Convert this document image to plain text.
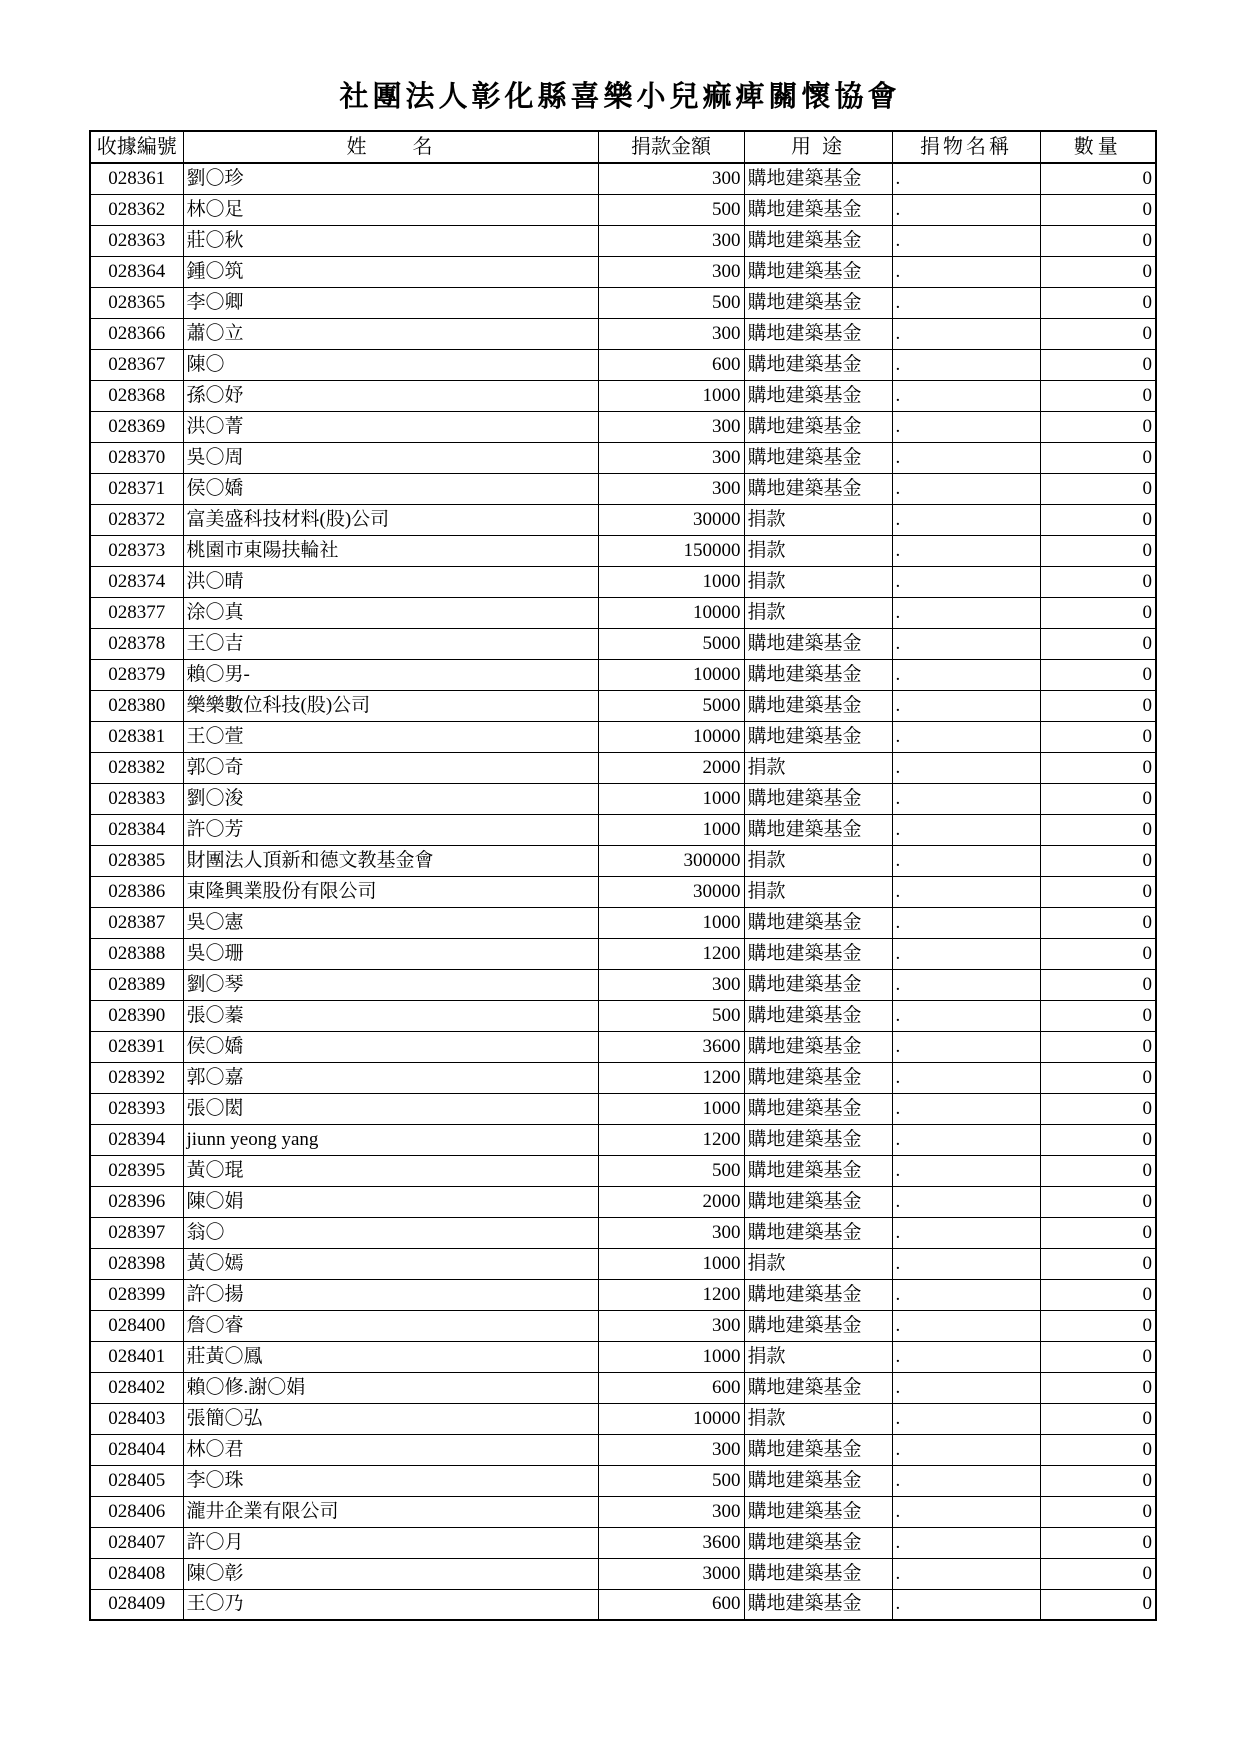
社團法人彰化縣喜樂小兒痲痺關懷協會
收據編號	姓　　名	捐款金額	用 途	捐物名稱	數量
028361	劉〇珍	300	購地建築基金	.	0
028362	林〇足	500	購地建築基金	.	0
028363	莊〇秋	300	購地建築基金	.	0
028364	鍾〇筑	300	購地建築基金	.	0
028365	李〇卿	500	購地建築基金	.	0
028366	蕭〇立	300	購地建築基金	.	0
028367	陳〇	600	購地建築基金	.	0
028368	孫〇妤	1000	購地建築基金	.	0
028369	洪〇菁	300	購地建築基金	.	0
028370	吳〇周	300	購地建築基金	.	0
028371	侯〇嬌	300	購地建築基金	.	0
028372	富美盛科技材料(股)公司	30000	捐款	.	0
028373	桃園市東陽扶輪社	150000	捐款	.	0
028374	洪〇晴	1000	捐款	.	0
028377	涂〇真	10000	捐款	.	0
028378	王〇吉	5000	購地建築基金	.	0
028379	賴〇男-	10000	購地建築基金	.	0
028380	樂樂數位科技(股)公司	5000	購地建築基金	.	0
028381	王〇萱	10000	購地建築基金	.	0
028382	郭〇奇	2000	捐款	.	0
028383	劉〇浚	1000	購地建築基金	.	0
028384	許〇芳	1000	購地建築基金	.	0
028385	財團法人頂新和德文教基金會	300000	捐款	.	0
028386	東隆興業股份有限公司	30000	捐款	.	0
028387	吳〇憲	1000	購地建築基金	.	0
028388	吳〇珊	1200	購地建築基金	.	0
028389	劉〇琴	300	購地建築基金	.	0
028390	張〇蓁	500	購地建築基金	.	0
028391	侯〇嬌	3600	購地建築基金	.	0
028392	郭〇嘉	1200	購地建築基金	.	0
028393	張〇閎	1000	購地建築基金	.	0
028394	jiunn yeong yang	1200	購地建築基金	.	0
028395	黃〇琨	500	購地建築基金	.	0
028396	陳〇娟	2000	購地建築基金	.	0
028397	翁〇	300	購地建築基金	.	0
028398	黃〇嫣	1000	捐款	.	0
028399	許〇揚	1200	購地建築基金	.	0
028400	詹〇睿	300	購地建築基金	.	0
028401	莊黃〇鳳	1000	捐款	.	0
028402	賴〇修.謝〇娟	600	購地建築基金	.	0
028403	張簡〇弘	10000	捐款	.	0
028404	林〇君	300	購地建築基金	.	0
028405	李〇珠	500	購地建築基金	.	0
028406	瀧井企業有限公司	300	購地建築基金	.	0
028407	許〇月	3600	購地建築基金	.	0
028408	陳〇彰	3000	購地建築基金	.	0
028409	王〇乃	600	購地建築基金	.	0
